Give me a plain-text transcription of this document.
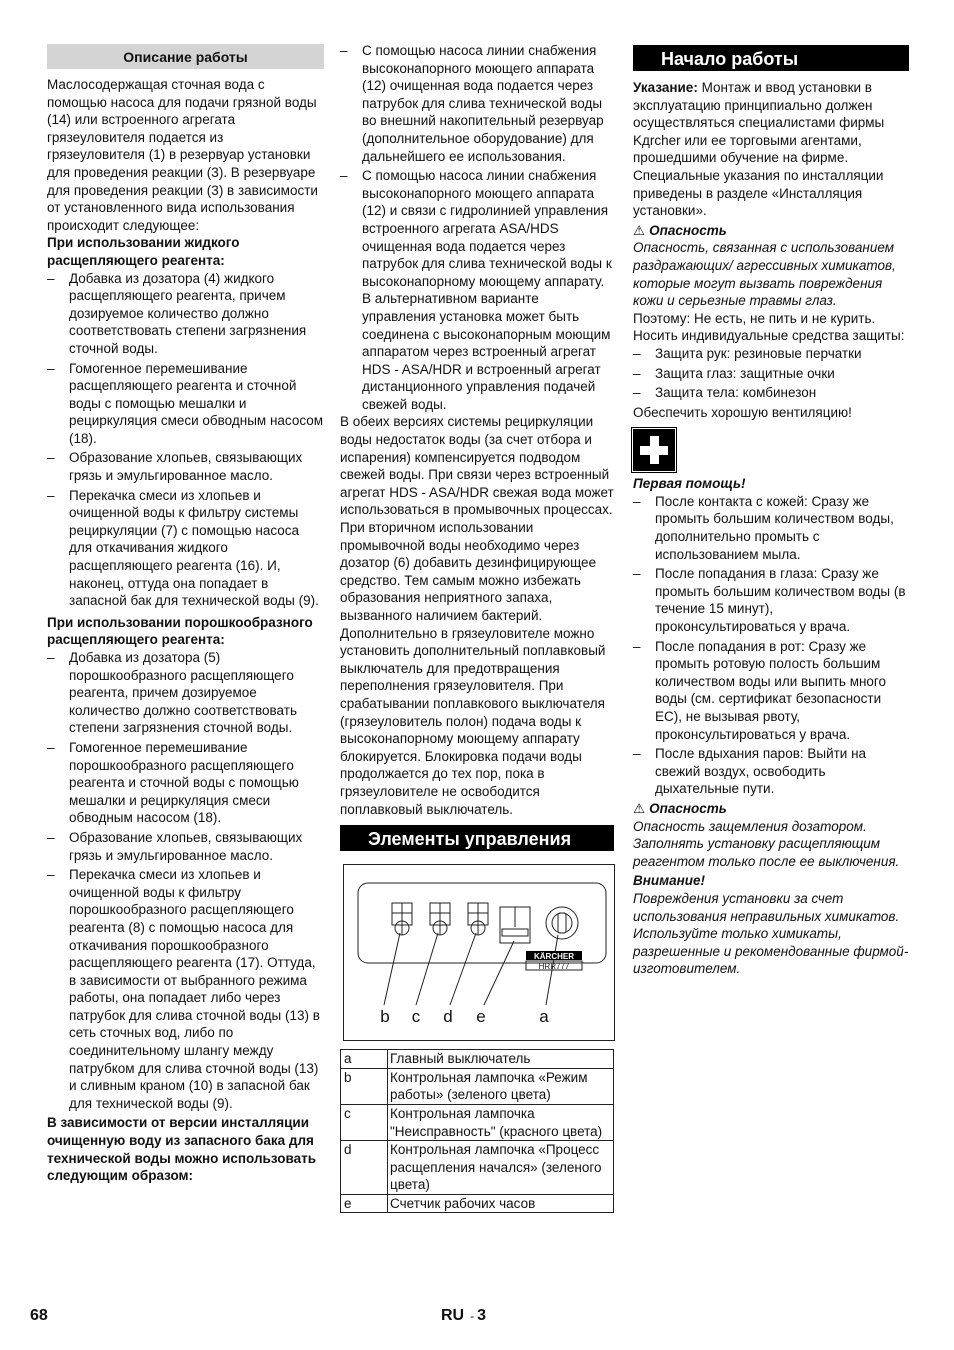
Описание работы

Маслосодержащая сточная вода с помощью насоса для подачи грязной воды (14) или встроенного агрегата грязеуловителя подается из грязеуловителя (1) в резервуар установки для проведения реакции (3). В резервуаре для проведения реакции (3) в зависимости от установленного вида использования происходит следующее:

При использовании жидкого расщепляющего реагента:

– Добавка из дозатора (4) жидкого расщепляющего реагента, причем дозируемое количество должно соответствовать степени загрязнения сточной воды.
– Гомогенное перемешивание расщепляющего реагента и сточной воды с помощью мешалки и рециркуляция смеси обводным насосом (18).
– Образование хлопьев, связывающих грязь и эмульгированное масло.
– Перекачка смеси из хлопьев и очищенной воды к фильтру системы рециркуляции (7) с помощью насоса для откачивания жидкого расщепляющего реагента (16). И, наконец, оттуда она попадает в запасной бак для технической воды (9).

При использовании порошкообразного расщепляющего реагента:

– Добавка из дозатора (5) порошкообразного расщепляющего реагента, причем дозируемое количество должно соответствовать степени загрязнения сточной воды.
– Гомогенное перемешивание порошкообразного расщепляющего реагента и сточной воды с помощью мешалки и рециркуляция смеси обводным насосом (18).
– Образование хлопьев, связывающих грязь и эмульгированное масло.
– Перекачка смеси из хлопьев и очищенной воды к фильтру порошкообразного расщепляющего реагента (8) с помощью насоса для откачивания порошкообразного расщепляющего реагента (17). Оттуда, в зависимости от выбранного режима работы, она попадает либо через патрубок для слива сточной воды (13) в сеть сточных вод, либо по соединительному шлангу между патрубком для слива сточной воды (13) и сливным краном (10) в запасной бак для технической воды (9).

В зависимости от версии инсталляции очищенную воду из запасного бака для технической воды можно использовать следующим образом:

– С помощью насоса линии снабжения высоконапорного моющего аппарата (12) очищенная вода подается через патрубок для слива технической воды во внешний накопительный резервуар (дополнительное оборудование) для дальнейшего ее использования.
– С помощью насоса линии снабжения высоконапорного моющего аппарата (12) и связи с гидролинией управления встроенного агрегата ASA/HDS очищенная вода подается через патрубок для слива технической воды к высоконапорному моющему аппарату.

В альтернативном варианте управления установка может быть соединена с высоконапорным моющим аппаратом через встроенный агрегат HDS - ASA/HDR и встроенный агрегат дистанционного управления подачей свежей воды.

В обеих версиях системы рециркуляции воды недостаток воды (за счет отбора и испарения) компенсируется подводом свежей воды. При связи через встроенный агрегат HDS - ASA/HDR свежая вода может использоваться в промывочных процессах.

При вторичном использовании промывочной воды необходимо через дозатор (6) добавить дезинфицирующее средство. Тем самым можно избежать образования неприятного запаха, вызванного наличием бактерий.

Дополнительно в грязеуловителе можно установить дополнительный поплавковый выключатель для предотвращения переполнения грязеуловителя. При срабатывании поплавкового выключателя (грязеуловитель полон) подача воды к высоконапорному моющему аппарату блокируется. Блокировка подачи воды продолжается до тех пор, пока в грязеуловителе не освободится поплавковый выключатель.

Элементы управления
KÄRCHER
HRR777
b c d e	a
a	Главный выключатель
b	Контрольная лампочка «Режим работы» (зеленого цвета)
c	Контрольная лампочка "Неисправность" (красного цвета)
d	Контрольная лампочка «Процесс расщепления начался» (зеленого цвета)
e	Счетчик рабочих часов
Начало работы

Указание: Монтаж и ввод установки в эксплуатацию принципиально должен осуществляться специалистами фирмы Kдrcher или ее торговыми агентами, прошедшими обучение на фирме. Специальные указания по инсталляции приведены в разделе «Инсталляция установки».

⚠ Опасность

Опасность, связанная с использованием раздражающих/ агрессивных химикатов, которые могут вызвать повреждения кожи и серьезные травмы глаз.

Поэтому: Не есть, не пить и не курить. Носить индивидуальные средства защиты:

– Защита рук: резиновые перчатки
– Защита глаз: защитные очки
– Защита тела: комбинезон

Обеспечить хорошую вентиляцию!

Первая помощь!

– После контакта с кожей: Сразу же промыть большим количеством воды, дополнительно промыть с использованием мыла.
– После попадания в глаза: Сразу же промыть большим количеством воды (в течение 15 минут), проконсультироваться у врача.
– После попадания в рот: Сразу же промыть ротовую полость большим количеством воды или выпить много воды (см. сертификат безопасности ЕС), не вызывая рвоту, проконсультироваться у врача.
– После вдыхания паров: Выйти на свежий воздух, освободить дыхательные пути.

⚠ Опасность

Опасность защемления дозатором. Заполнять установку расщепляющим реагентом только после ее выключения.

Внимание!

Повреждения установки за счет использования неправильных химикатов. Используйте только химикаты, разрешенные и рекомендованные фирмой-изготовителем.

68	RU - 3
